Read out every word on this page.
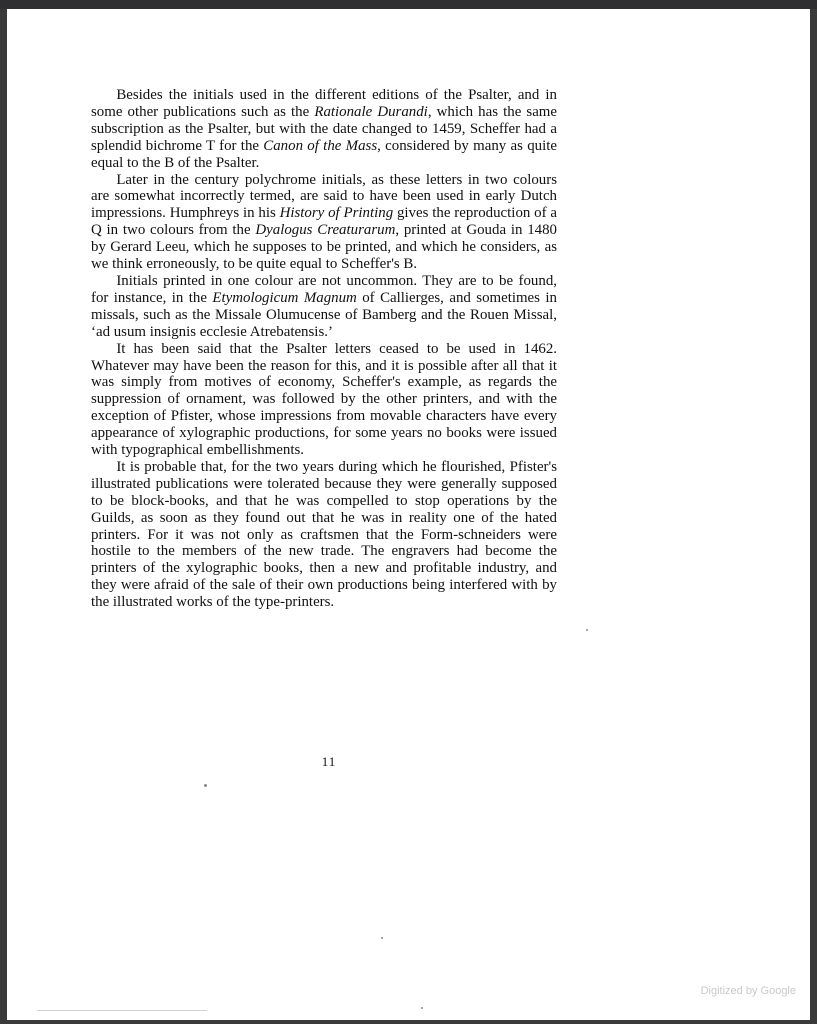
Besides the initials used in the different editions of the Psalter, and in some other publications such as the Rationale Durandi, which has the same subscription as the Psalter, but with the date changed to 1459, Scheffer had a splendid bichrome T for the Canon of the Mass, considered by many as quite equal to the B of the Psalter.

Later in the century polychrome initials, as these letters in two colours are somewhat incorrectly termed, are said to have been used in early Dutch impressions. Humphreys in his History of Printing gives the reproduction of a Q in two colours from the Dyalogus Creaturarum, printed at Gouda in 1480 by Gerard Leeu, which he supposes to be printed, and which he considers, as we think erroneously, to be quite equal to Scheffer's B.

Initials printed in one colour are not uncommon. They are to be found, for instance, in the Etymologicum Magnum of Callierges, and sometimes in missals, such as the Missale Olumucense of Bamberg and the Rouen Missal, ‘ad usum insignis ecclesie Atrebatensis.’

It has been said that the Psalter letters ceased to be used in 1462. Whatever may have been the reason for this, and it is possible after all that it was simply from motives of economy, Scheffer's example, as regards the suppression of ornament, was followed by the other printers, and with the exception of Pfister, whose impressions from movable characters have every appearance of xylographic productions, for some years no books were issued with typographical embellishments.

It is probable that, for the two years during which he flourished, Pfister's illustrated publications were tolerated because they were generally supposed to be block-books, and that he was compelled to stop operations by the Guilds, as soon as they found out that he was in reality one of the hated printers. For it was not only as craftsmen that the Form-schneiders were hostile to the members of the new trade. The engravers had become the printers of the xylographic books, then a new and profitable industry, and they were afraid of the sale of their own productions being interfered with by the illustrated works of the type-printers.

11
Digitized by Google
